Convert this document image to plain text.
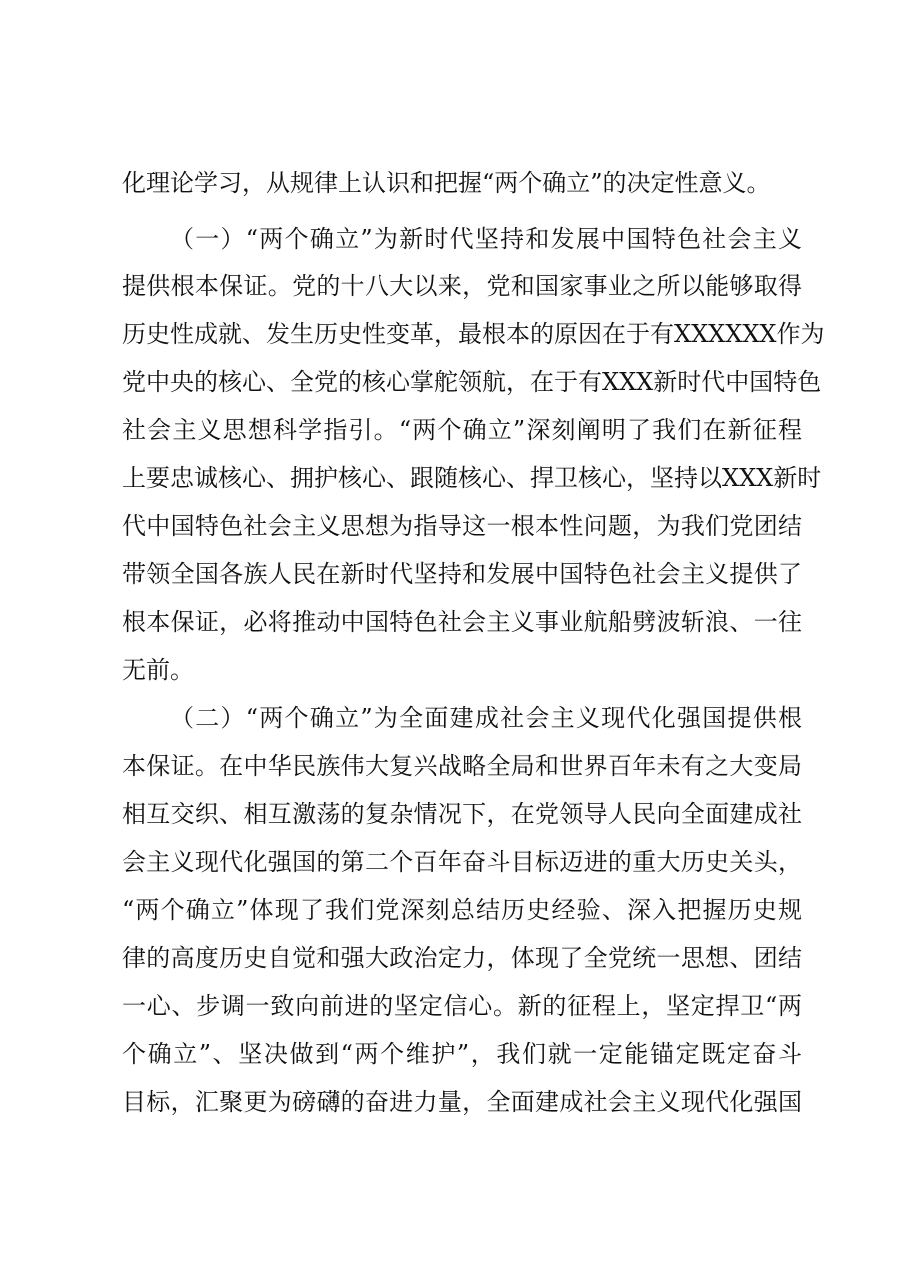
化理论学习，从规律上认识和把握“两个确立”的决定性意义。
（一）“两个确立”为新时代坚持和发展中国特色社会主义
提供根本保证。党的十八大以来，党和国家事业之所以能够取得
历史性成就、发生历史性变革，最根本的原因在于有XXXXXX作为
党中央的核心、全党的核心掌舵领航，在于有XXX新时代中国特色
社会主义思想科学指引。“两个确立”深刻阐明了我们在新征程
上要忠诚核心、拥护核心、跟随核心、捍卫核心，坚持以XXX新时
代中国特色社会主义思想为指导这一根本性问题，为我们党团结
带领全国各族人民在新时代坚持和发展中国特色社会主义提供了
根本保证，必将推动中国特色社会主义事业航船劈波斩浪、一往
无前。
（二）“两个确立”为全面建成社会主义现代化强国提供根
本保证。在中华民族伟大复兴战略全局和世界百年未有之大变局
相互交织、相互激荡的复杂情况下，在党领导人民向全面建成社
会主义现代化强国的第二个百年奋斗目标迈进的重大历史关头，
“两个确立”体现了我们党深刻总结历史经验、深入把握历史规
律的高度历史自觉和强大政治定力，体现了全党统一思想、团结
一心、步调一致向前进的坚定信心。新的征程上，坚定捍卫“两
个确立”、坚决做到“两个维护”，我们就一定能锚定既定奋斗
目标，汇聚更为磅礴的奋进力量，全面建成社会主义现代化强国
